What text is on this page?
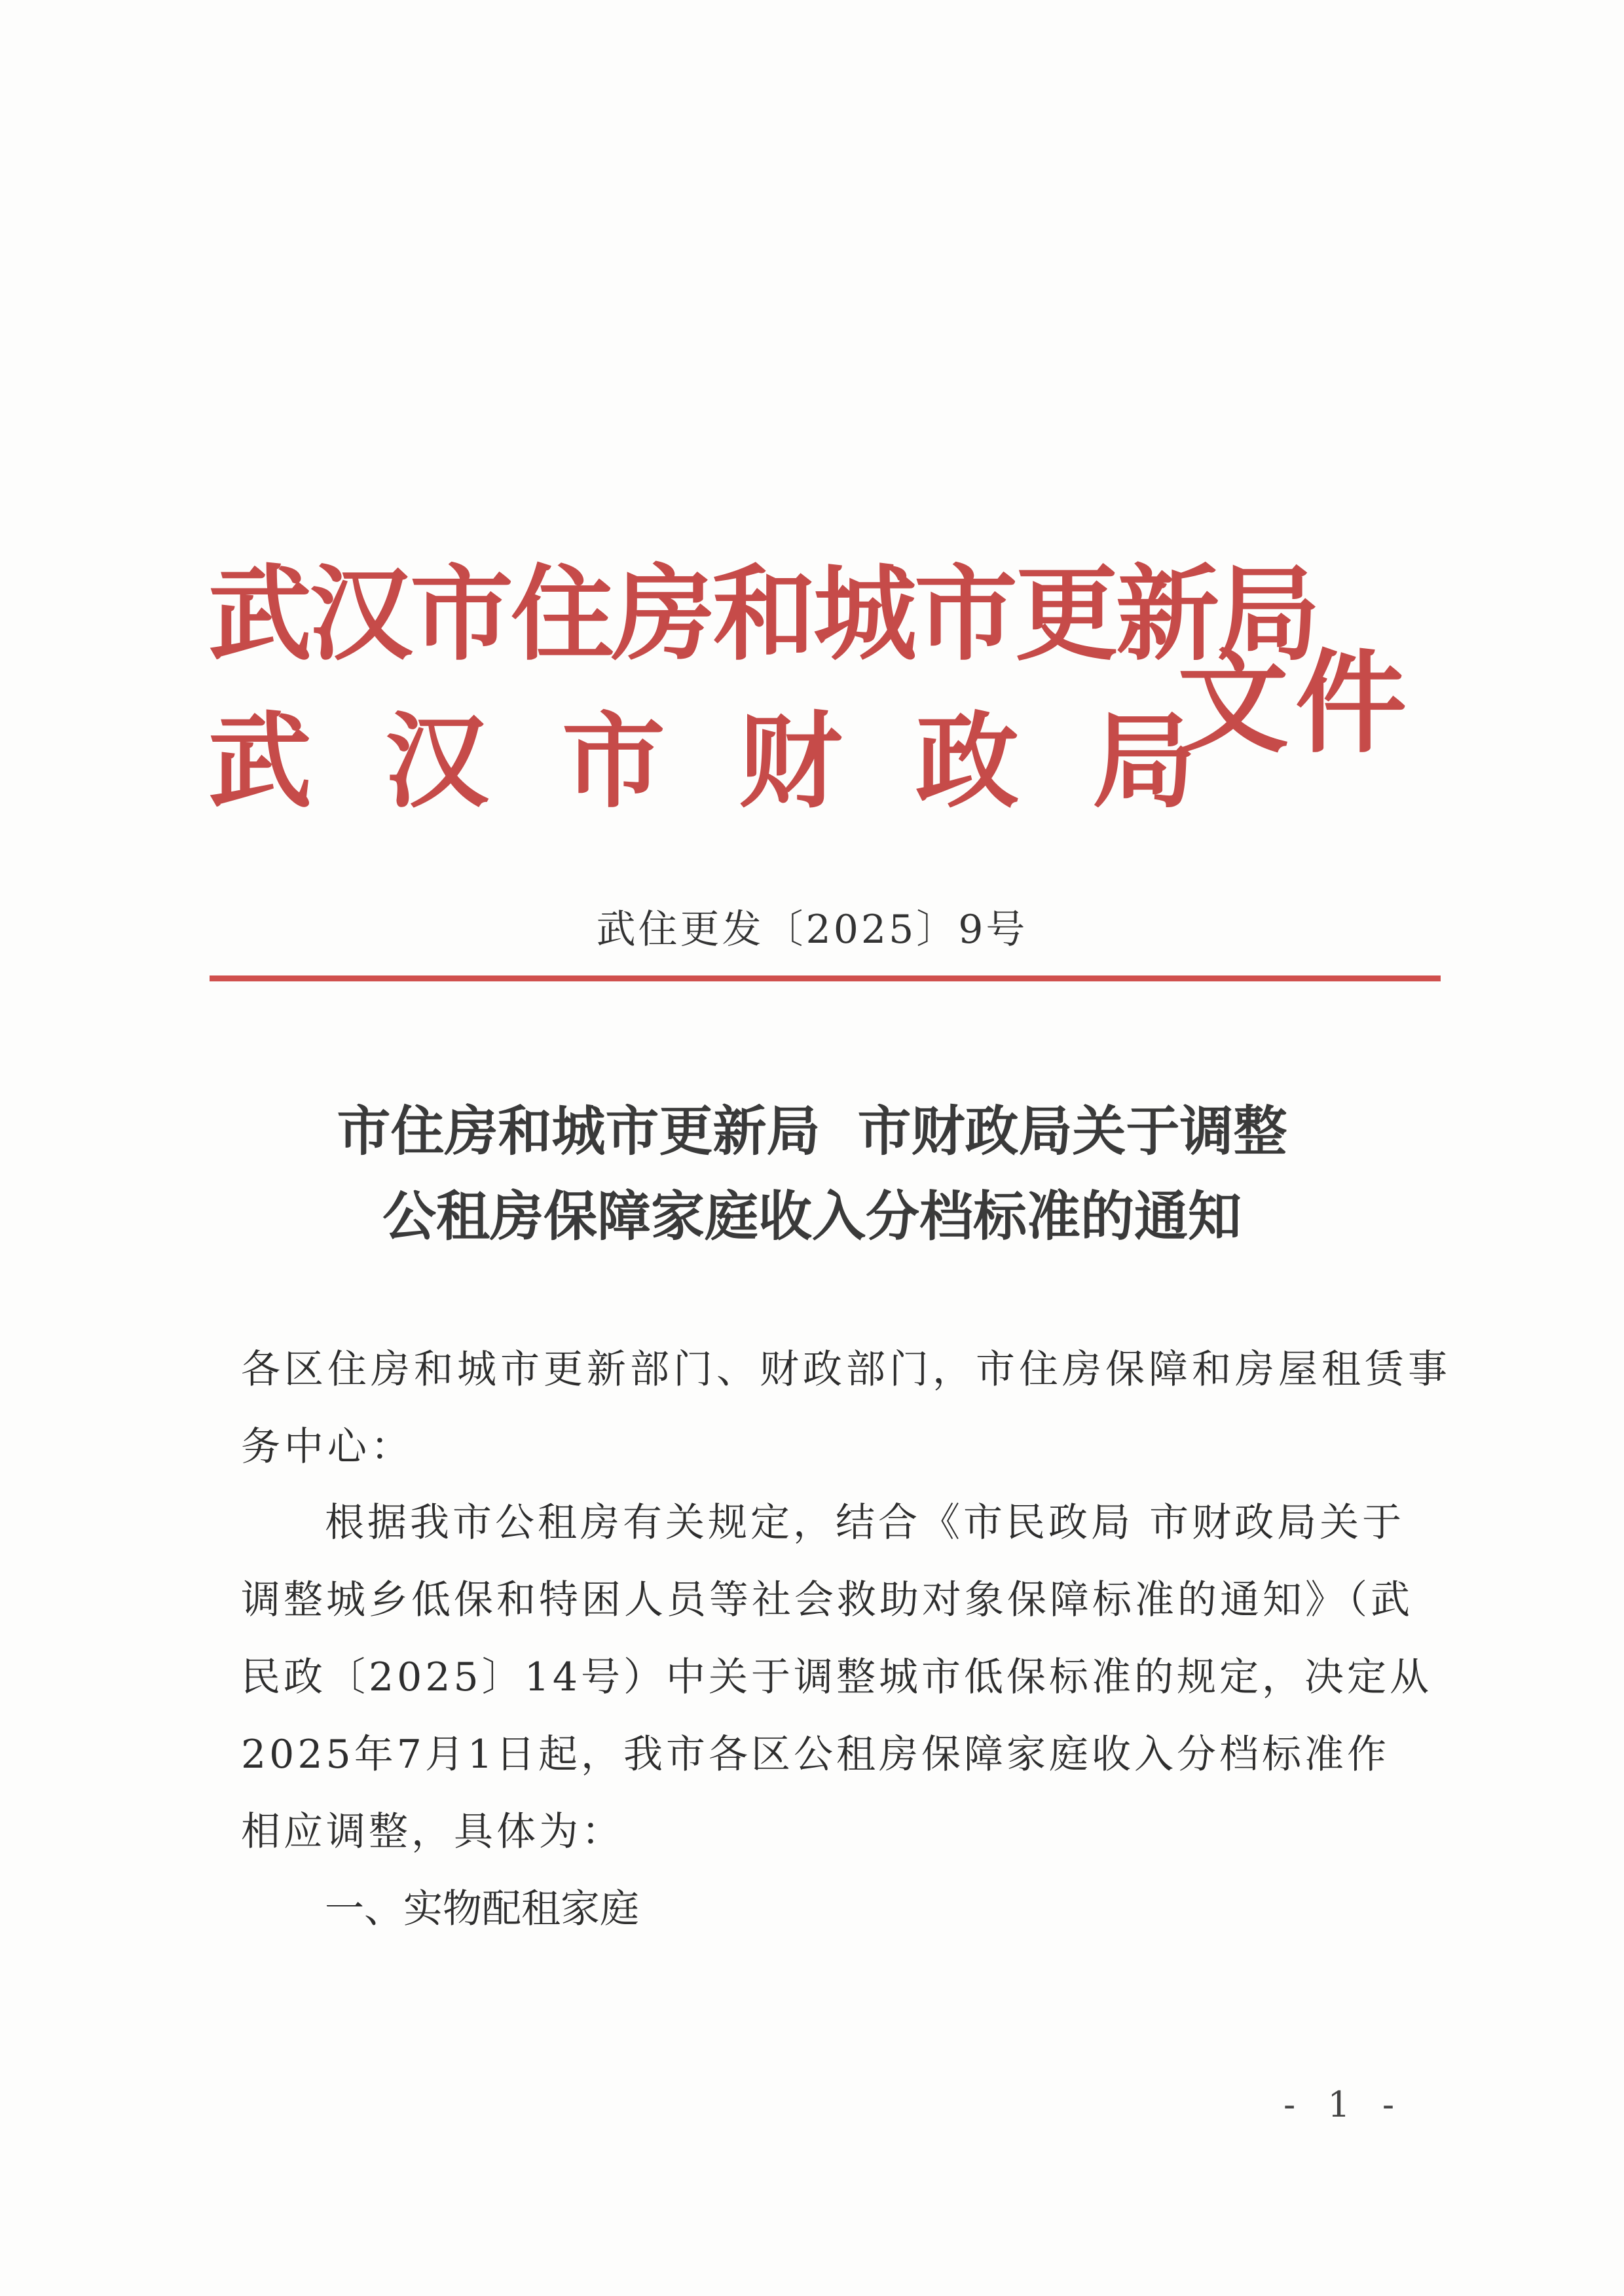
武汉市住房和城市更新局
武汉市财政局
文件
武住更发〔2025〕9号
市住房和城市更新局  市财政局关于调整
公租房保障家庭收入分档标准的通知
各区住房和城市更新部门、财政部门，市住房保障和房屋租赁事
务中心：
根据我市公租房有关规定，结合《市民政局 市财政局关于
调整城乡低保和特困人员等社会救助对象保障标准的通知》（武
民政〔2025〕14号）中关于调整城市低保标准的规定，决定从
2025年7月1日起，我市各区公租房保障家庭收入分档标准作
相应调整，具体为：
一、实物配租家庭
- 1 -
